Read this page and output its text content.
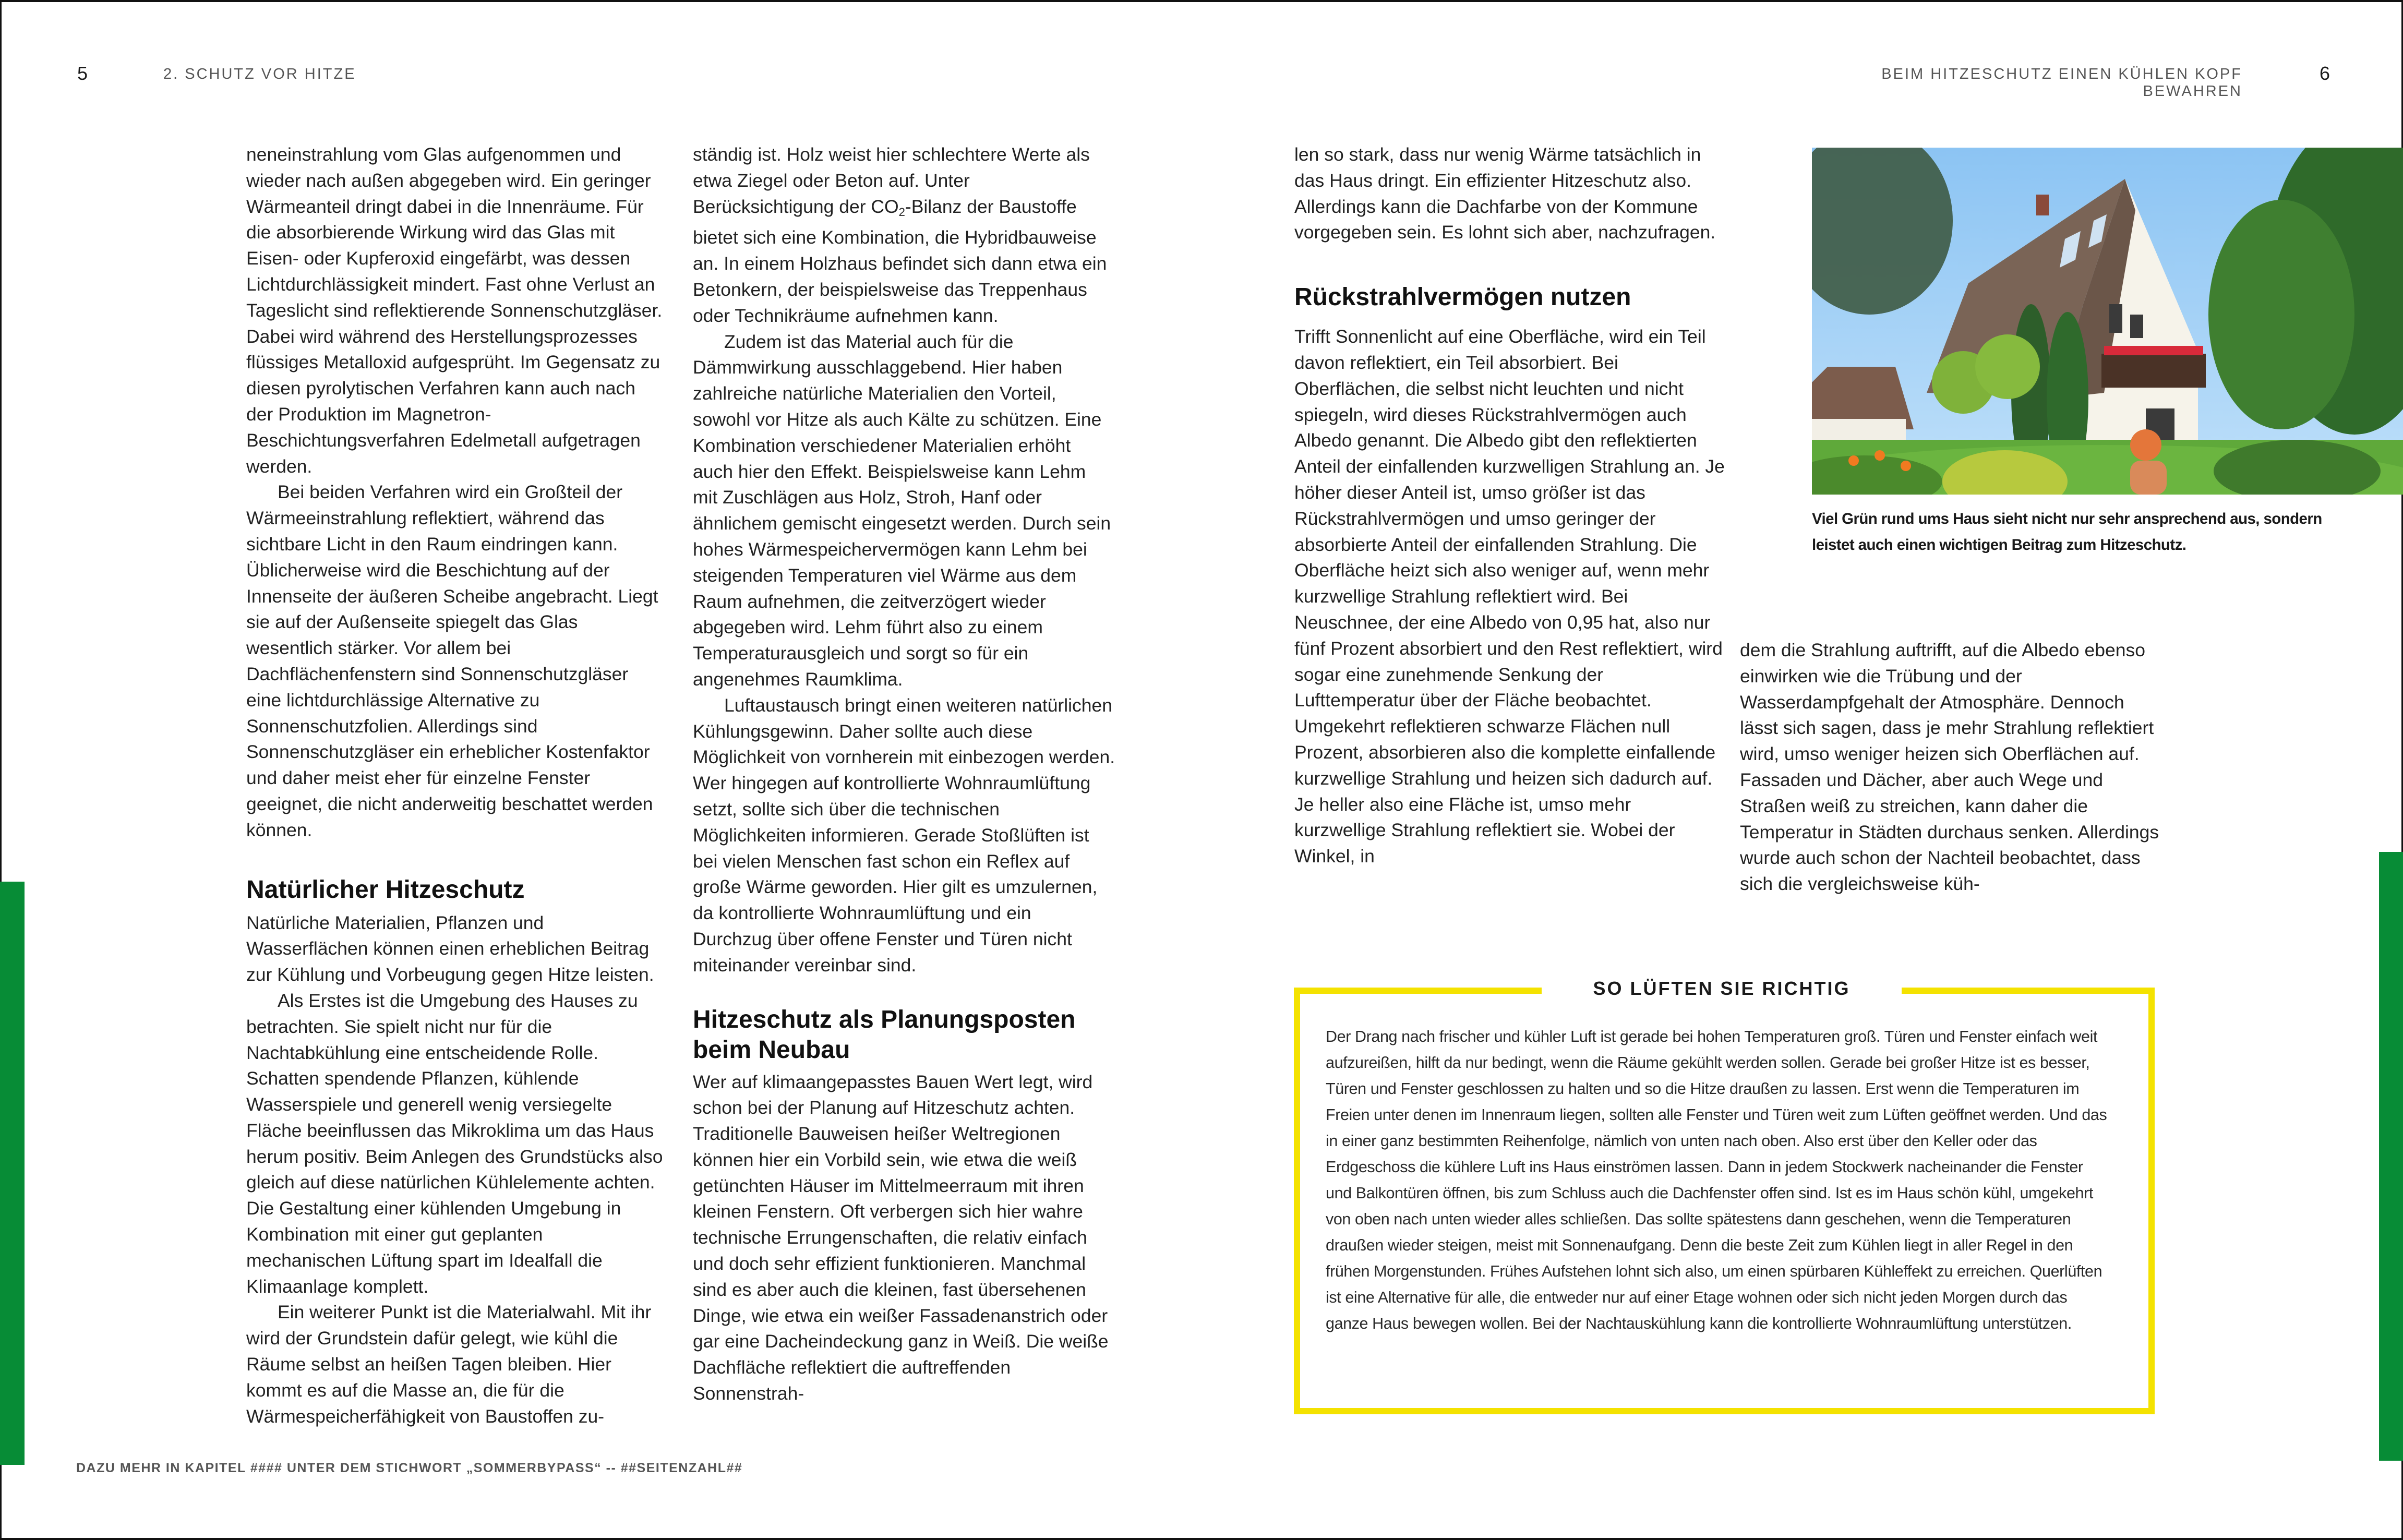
5	2. SCHUTZ VOR HITZE	BEIM HITZESCHUTZ EINEN KÜHLEN KOPF BEWAHREN
6

neneinstrahlung vom Glas aufgenommen und wieder nach außen abgegeben wird. Ein geringer Wärmeanteil dringt dabei in die Innenräume. Für die absorbierende Wirkung wird das Glas mit Eisen- oder Kupferoxid eingefärbt, was dessen Lichtdurchlässigkeit mindert. Fast ohne Verlust an Tageslicht sind reflektierende Sonnenschutzgläser. Dabei wird während des Herstellungsprozesses flüssiges Metalloxid aufgesprüht. Im Gegensatz zu diesen pyrolytischen Verfahren kann auch nach der Produktion im Magnetron-Beschichtungsverfahren Edelmetall aufgetragen werden.

Bei beiden Verfahren wird ein Großteil der Wärmeeinstrahlung reflektiert, während das sichtbare Licht in den Raum eindringen kann. Üblicherweise wird die Beschichtung auf der Innenseite der äußeren Scheibe angebracht. Liegt sie auf der Außenseite spiegelt das Glas wesentlich stärker. Vor allem bei Dachflächenfenstern sind Sonnenschutzgläser eine lichtdurchlässige Alternative zu Sonnenschutzfolien. Allerdings sind Sonnenschutzgläser ein erheblicher Kostenfaktor und daher meist eher für einzelne Fenster geeignet, die nicht anderweitig beschattet werden können.

Natürlicher Hitzeschutz

Natürliche Materialien, Pflanzen und Wasserflächen können einen erheblichen Beitrag zur Kühlung und Vorbeugung gegen Hitze leisten.

Als Erstes ist die Umgebung des Hauses zu betrachten. Sie spielt nicht nur für die Nachtabkühlung eine entscheidende Rolle. Schatten spendende Pflanzen, kühlende Wasserspiele und generell wenig versiegelte Fläche beeinflussen das Mikroklima um das Haus herum positiv. Beim Anlegen des Grundstücks also gleich auf diese natürlichen Kühlelemente achten. Die Gestaltung einer kühlenden Umgebung in Kombination mit einer gut geplanten mechanischen Lüftung spart im Idealfall die Klimaanlage komplett.

Ein weiterer Punkt ist die Materialwahl. Mit ihr wird der Grundstein dafür gelegt, wie kühl die Räume selbst an heißen Tagen bleiben. Hier kommt es auf die Masse an, die für die Wärmespeicherfähigkeit von Baustoffen zu-

ständig ist. Holz weist hier schlechtere Werte als etwa Ziegel oder Beton auf. Unter Berücksichtigung der $CO_2$-Bilanz der Baustoffe bietet sich eine Kombination, die Hybridbauweise an. In einem Holzhaus befindet sich dann etwa ein Betonkern, der beispielsweise das Treppenhaus oder Technikräume aufnehmen kann.

Zudem ist das Material auch für die Dämmwirkung ausschlaggebend. Hier haben zahlreiche natürliche Materialien den Vorteil, sowohl vor Hitze als auch Kälte zu schützen. Eine Kombination verschiedener Materialien erhöht auch hier den Effekt. Beispielsweise kann Lehm mit Zuschlägen aus Holz, Stroh, Hanf oder ähnlichem gemischt eingesetzt werden. Durch sein hohes Wärmespeichervermögen kann Lehm bei steigenden Temperaturen viel Wärme aus dem Raum aufnehmen, die zeitverzögert wieder abgegeben wird. Lehm führt also zu einem Temperaturausgleich und sorgt so für ein angenehmes Raumklima.

Luftaustausch bringt einen weiteren natürlichen Kühlungsgewinn. Daher sollte auch diese Möglichkeit von vornherein mit einbezogen werden. Wer hingegen auf kontrollierte Wohnraumlüftung setzt, sollte sich über die technischen Möglichkeiten informieren. Gerade Stoßlüften ist bei vielen Menschen fast schon ein Reflex auf große Wärme geworden. Hier gilt es umzulernen, da kontrollierte Wohnraumlüftung und ein Durchzug über offene Fenster und Türen nicht miteinander vereinbar sind.

Hitzeschutz als Planungsposten beim Neubau

Wer auf klimaangepasstes Bauen Wert legt, wird schon bei der Planung auf Hitzeschutz achten. Traditionelle Bauweisen heißer Weltregionen können hier ein Vorbild sein, wie etwa die weiß getünchten Häuser im Mittelmeerraum mit ihren kleinen Fenstern. Oft verbergen sich hier wahre technische Errungenschaften, die relativ einfach und doch sehr effizient funktionieren. Manchmal sind es aber auch die kleinen, fast übersehenen Dinge, wie etwa ein weißer Fassadenanstrich oder gar eine Dacheindeckung ganz in Weiß. Die weiße Dachfläche reflektiert die auftreffenden Sonnenstrah-

len so stark, dass nur wenig Wärme tatsächlich in das Haus dringt. Ein effizienter Hitzeschutz also. Allerdings kann die Dachfarbe von der Kommune vorgegeben sein. Es lohnt sich aber, nachzufragen.

Rückstrahlvermögen nutzen

Trifft Sonnenlicht auf eine Oberfläche, wird ein Teil davon reflektiert, ein Teil absorbiert. Bei Oberflächen, die selbst nicht leuchten und nicht spiegeln, wird dieses Rückstrahlvermögen auch Albedo genannt. Die Albedo gibt den reflektierten Anteil der einfallenden kurzwelligen Strahlung an. Je höher dieser Anteil ist, umso größer ist das Rückstrahlvermögen und umso geringer der absorbierte Anteil der einfallenden Strahlung. Die Oberfläche heizt sich also weniger auf, wenn mehr kurzwellige Strahlung reflektiert wird. Bei Neuschnee, der eine Albedo von 0,95 hat, also nur fünf Prozent absorbiert und den Rest reflektiert, wird sogar eine zunehmende Senkung der Lufttemperatur über der Fläche beobachtet. Umgekehrt reflektieren schwarze Flächen null Prozent, absorbieren also die komplette einfallende kurzwellige Strahlung und heizen sich dadurch auf. Je heller also eine Fläche ist, umso mehr kurzwellige Strahlung reflektiert sie. Wobei der Winkel, in

dem die Strahlung auftrifft, auf die Albedo ebenso einwirken wie die Trübung und der Wasserdampfgehalt der Atmosphäre. Dennoch lässt sich sagen, dass je mehr Strahlung reflektiert wird, umso weniger heizen sich Oberflächen auf. Fassaden und Dächer, aber auch Wege und Straßen weiß zu streichen, kann daher die Temperatur in Städten durchaus senken. Allerdings wurde auch schon der Nachteil beobachtet, dass sich die vergleichsweise küh-

Viel Grün rund ums Haus sieht nicht nur sehr ansprechend aus, sondern leistet auch einen wichtigen Beitrag zum Hitzeschutz.
SO LÜFTEN SIE RICHTIG
Der Drang nach frischer und kühler Luft ist gerade bei hohen Temperaturen groß. Türen und Fenster einfach weit aufzureißen, hilft da nur bedingt, wenn die Räume gekühlt werden sollen. Gerade bei großer Hitze ist es besser, Türen und Fenster geschlossen zu halten und so die Hitze draußen zu lassen. Erst wenn die Temperaturen im Freien unter denen im Innenraum liegen, sollten alle Fenster und Türen weit zum Lüften geöffnet werden. Und das in einer ganz bestimmten Reihenfolge, nämlich von unten nach oben. Also erst über den Keller oder das Erdgeschoss die kühlere Luft ins Haus einströmen lassen. Dann in jedem Stockwerk nacheinander die Fenster und Balkontüren öffnen, bis zum Schluss auch die Dachfenster offen sind. Ist es im Haus schön kühl, umgekehrt von oben nach unten wieder alles schließen. Das sollte spätestens dann geschehen, wenn die Temperaturen draußen wieder steigen, meist mit Sonnenaufgang. Denn die beste Zeit zum Kühlen liegt in aller Regel in den frühen Morgenstunden. Frühes Aufstehen lohnt sich also, um einen spürbaren Kühleffekt zu erreichen. Querlüften ist eine Alternative für alle, die entweder nur auf einer Etage wohnen oder sich nicht jeden Morgen durch das ganze Haus bewegen wollen. Bei der Nachtauskühlung kann die kontrollierte Wohnraumlüftung unterstützen.
DAZU MEHR IN KAPITEL #### UNTER DEM STICHWORT „SOMMERBYPASS“ -- ##SEITENZAHL##
